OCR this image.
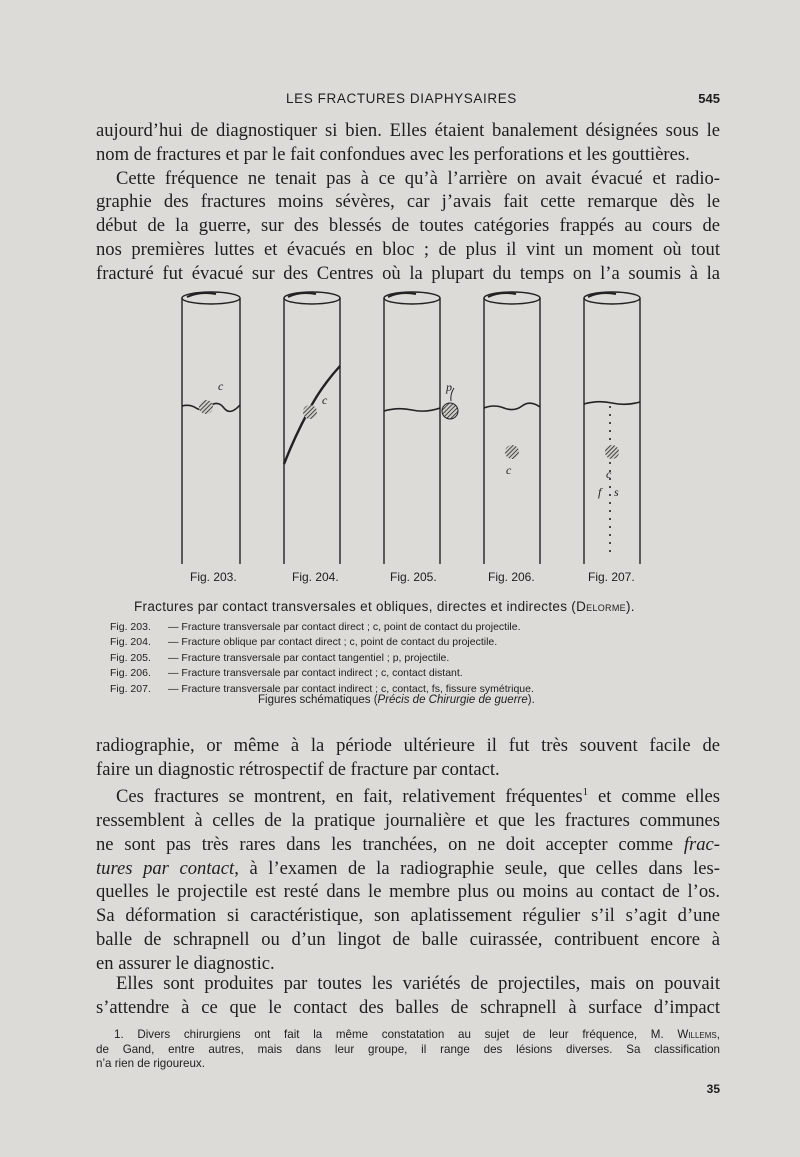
LES FRACTURES DIAPHYSAIRES	545
aujourd’hui de diagnostiquer si bien. Elles étaient banalement désignées sous le
nom de fractures et par le fait confondues avec les perforations et les gouttières.
Cette fréquence ne tenait pas à ce qu’à l’arrière on avait évacué et radio-
graphie des fractures moins sévères, car j’avais fait cette remarque dès le
début de la guerre, sur des blessés de toutes catégories frappés au cours de
nos premières luttes et évacués en bloc ; de plus il vint un moment où tout
fracturé fut évacué sur des Centres où la plupart du temps on l’a soumis à la
c
c
p
c	c
f s
Fig. 203.	Fig. 204.	Fig. 205.	Fig. 206.	Fig. 207.
Fractures par contact transversales et obliques, directes et indirectes (Delorme).
Fig. 203. — Fracture transversale par contact direct ; c, point de contact du projectile.
Fig. 204. — Fracture oblique par contact direct ; c, point de contact du projectile.
Fig. 205. — Fracture transversale par contact tangentiel ; p, projectile.
Fig. 206. — Fracture transversale par contact indirect ; c, contact distant.
Fig. 207. — Fracture transversale par contact indirect ; c, contact, fs, fissure symétrique.
Figures schématiques (Précis de Chirurgie de guerre).
radiographie, or même à la période ultérieure il fut très souvent facile de
faire un diagnostic rétrospectif de fracture par contact.
Ces fractures se montrent, en fait, relativement fréquentes$^1$ et comme elles
ressemblent à celles de la pratique journalière et que les fractures communes
ne sont pas très rares dans les tranchées, on ne doit accepter comme frac-
tures par contact, à l’examen de la radiographie seule, que celles dans les-
quelles le projectile est resté dans le membre plus ou moins au contact de l’os.
Sa déformation si caractéristique, son aplatissement régulier s’il s’agit d’une
balle de schrapnell ou d’un lingot de balle cuirassée, contribuent encore à
en assurer le diagnostic.
Elles sont produites par toutes les variétés de projectiles, mais on pouvait
s’attendre à ce que le contact des balles de schrapnell à surface d’impact
1. Divers chirurgiens ont fait la même constatation au sujet de leur fréquence, M. Willems,
de Gand, entre autres, mais dans leur groupe, il range des lésions diverses. Sa classification
n’a rien de rigoureux.
35
